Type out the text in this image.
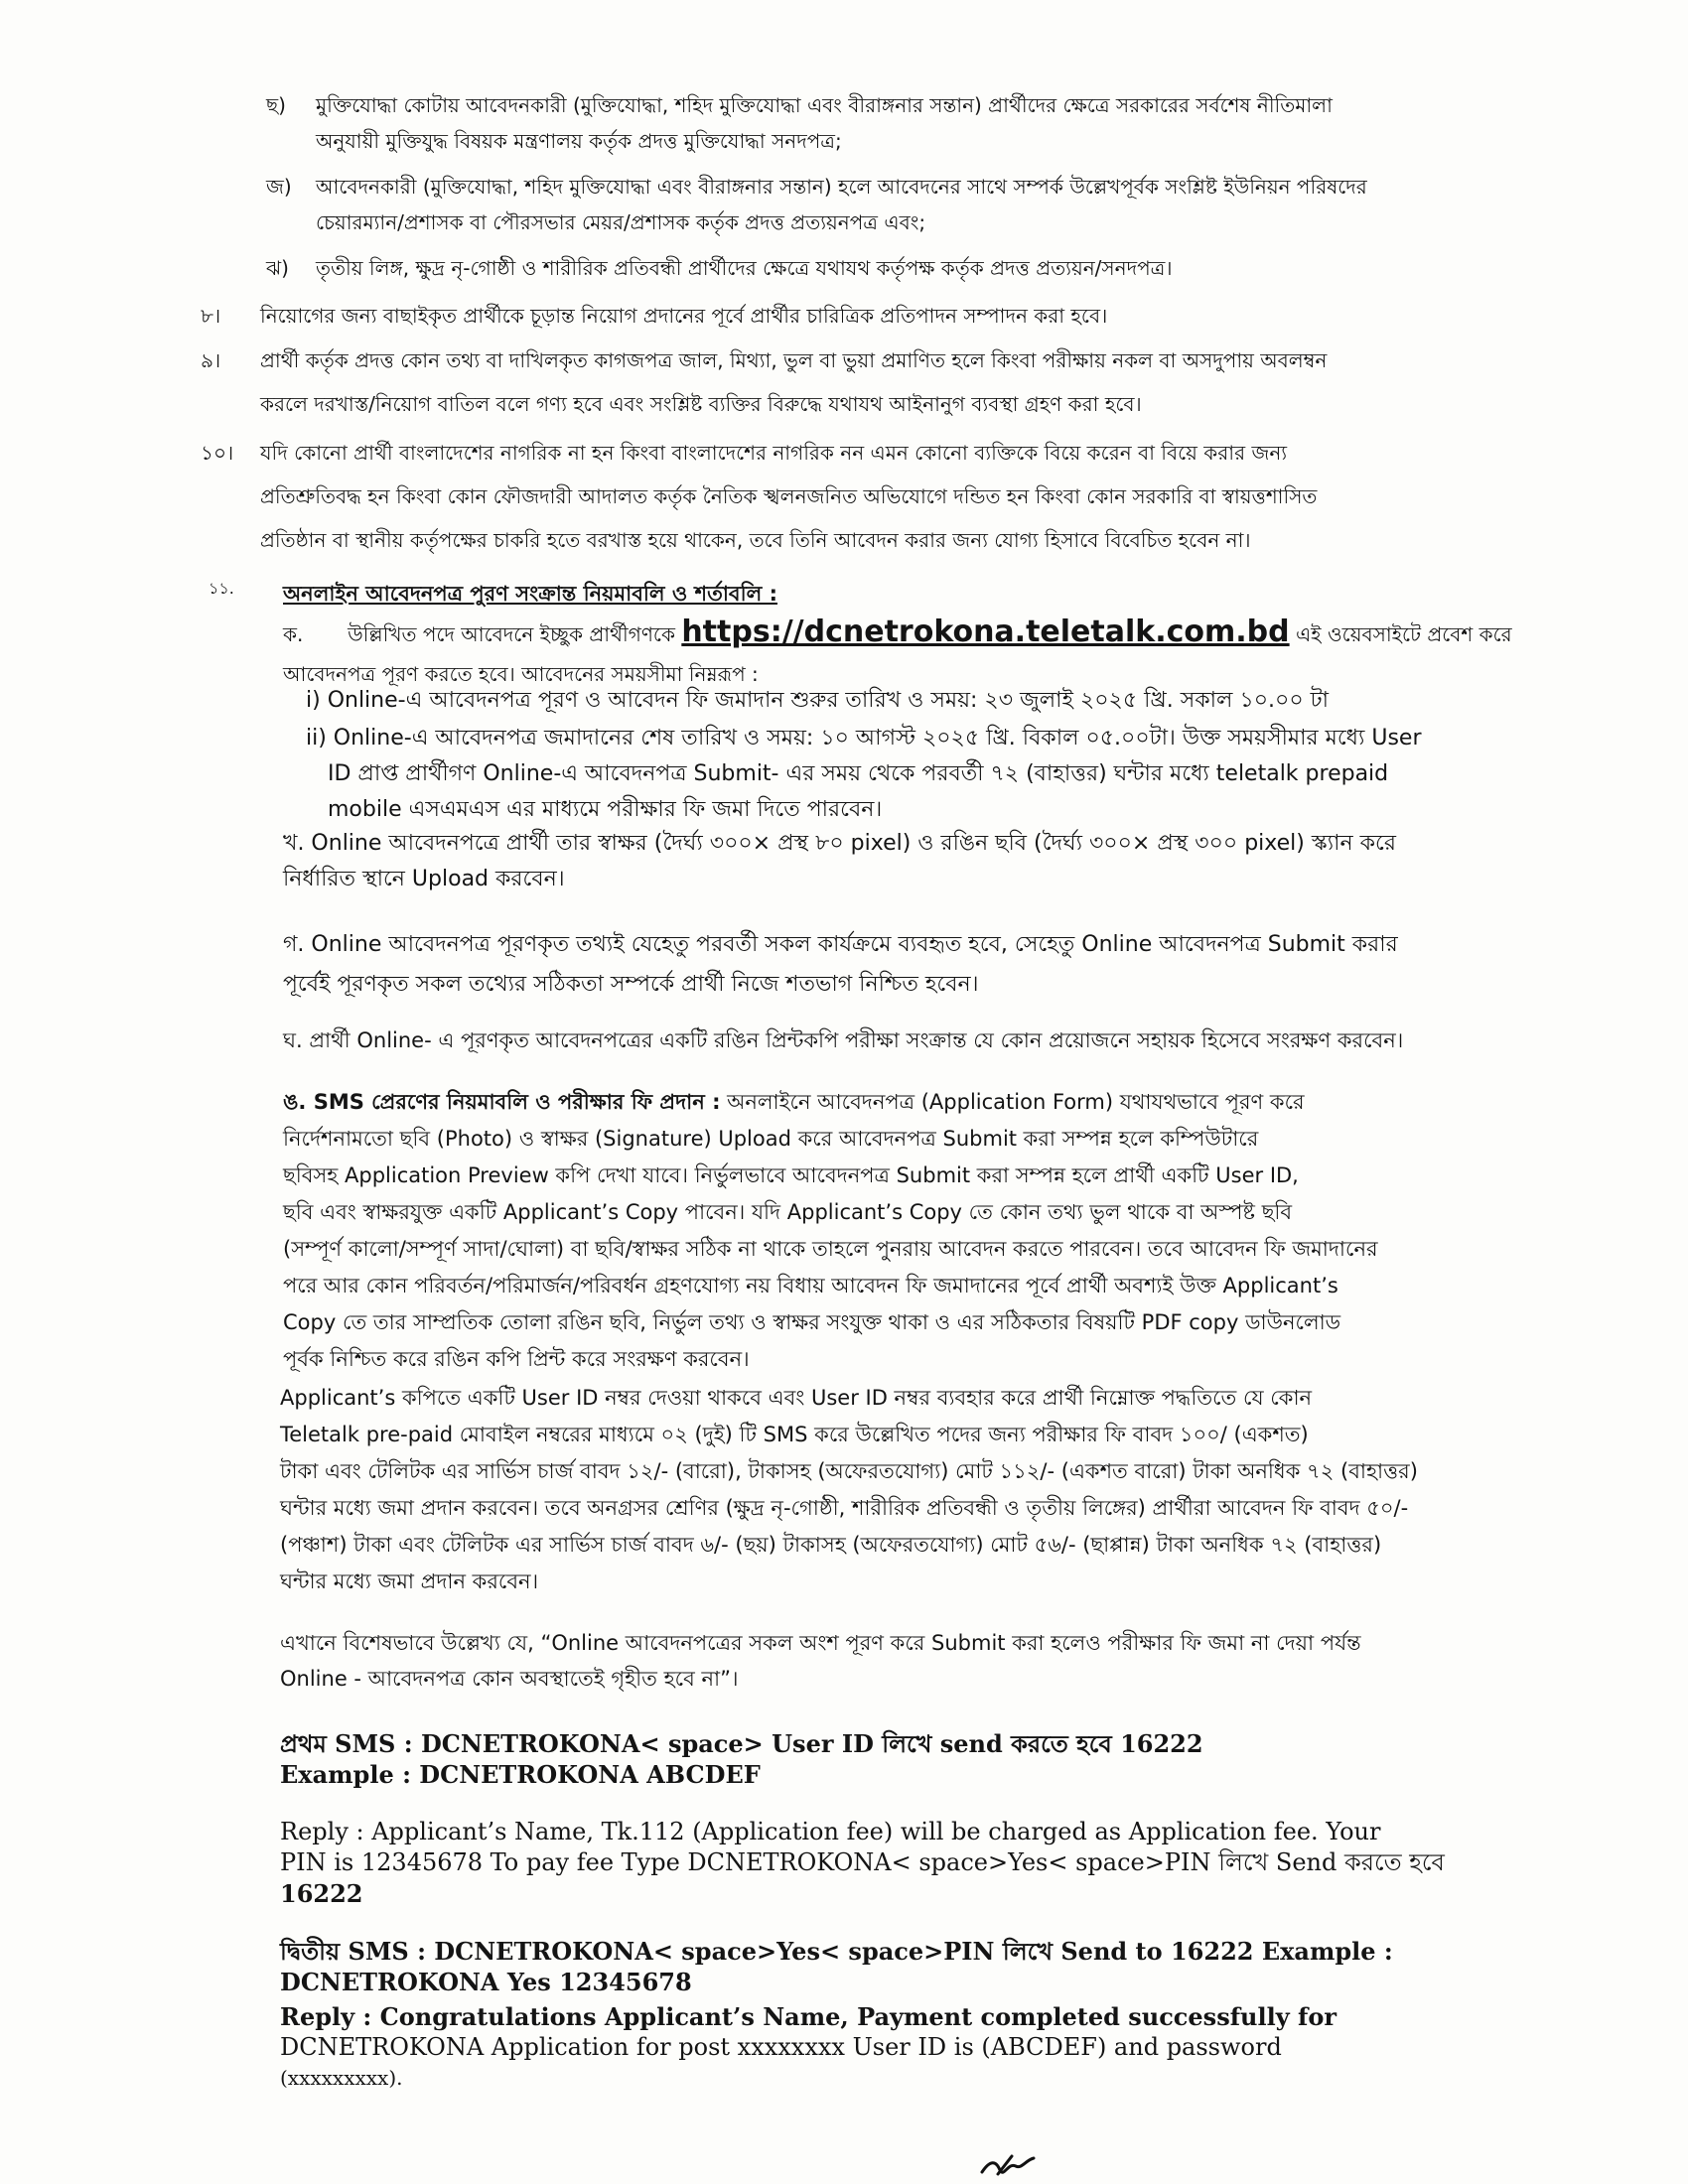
ছ) মুক্তিযোদ্ধা কোটায় আবেদনকারী (মুক্তিযোদ্ধা, শহিদ মুক্তিযোদ্ধা এবং বীরাঙ্গনার সন্তান) প্রার্থীদের ক্ষেত্রে সরকারের সর্বশেষ নীতিমালা
অনুযায়ী মুক্তিযুদ্ধ বিষয়ক মন্ত্রণালয় কর্তৃক প্রদত্ত মুক্তিযোদ্ধা সনদপত্র;
জ) আবেদনকারী (মুক্তিযোদ্ধা, শহিদ মুক্তিযোদ্ধা এবং বীরাঙ্গনার সন্তান) হলে আবেদনের সাথে সম্পর্ক উল্লেখপূর্বক সংশ্লিষ্ট ইউনিয়ন পরিষদের
চেয়ারম্যান/প্রশাসক বা পৌরসভার মেয়র/প্রশাসক কর্তৃক প্রদত্ত প্রত্যয়নপত্র এবং;
ঝ) তৃতীয় লিঙ্গ, ক্ষুদ্র নৃ-গোষ্ঠী ও শারীরিক প্রতিবন্ধী প্রার্থীদের ক্ষেত্রে যথাযথ কর্তৃপক্ষ কর্তৃক প্রদত্ত প্রত্যয়ন/সনদপত্র।
৮। নিয়োগের জন্য বাছাইকৃত প্রার্থীকে চূড়ান্ত নিয়োগ প্রদানের পূর্বে প্রার্থীর চারিত্রিক প্রতিপাদন সম্পাদন করা হবে।
৯। প্রার্থী কর্তৃক প্রদত্ত কোন তথ্য বা দাখিলকৃত কাগজপত্র জাল, মিথ্যা, ভুল বা ভুয়া প্রমাণিত হলে কিংবা পরীক্ষায় নকল বা অসদুপায় অবলম্বন
করলে দরখাস্ত/নিয়োগ বাতিল বলে গণ্য হবে এবং সংশ্লিষ্ট ব্যক্তির বিরুদ্ধে যথাযথ আইনানুগ ব্যবস্থা গ্রহণ করা হবে।
১০। যদি কোনো প্রার্থী বাংলাদেশের নাগরিক না হন কিংবা বাংলাদেশের নাগরিক নন এমন কোনো ব্যক্তিকে বিয়ে করেন বা বিয়ে করার জন্য
প্রতিশ্রুতিবদ্ধ হন কিংবা কোন ফৌজদারী আদালত কর্তৃক নৈতিক স্খলনজনিত অভিযোগে দন্ডিত হন কিংবা কোন সরকারি বা স্বায়ত্তশাসিত
প্রতিষ্ঠান বা স্থানীয় কর্তৃপক্ষের চাকরি হতে বরখাস্ত হয়ে থাকেন, তবে তিনি আবেদন করার জন্য যোগ্য হিসাবে বিবেচিত হবেন না।
১১. অনলাইন আবেদনপত্র পুরণ সংক্রান্ত নিয়মাবলি ও শর্তাবলি :
ক. উল্লিখিত পদে আবেদনে ইচ্ছুক প্রার্থীগণকে https://dcnetrokona.teletalk.com.bd এই ওয়েবসাইটে প্রবেশ করে
আবেদনপত্র পূরণ করতে হবে। আবেদনের সময়সীমা নিম্নরূপ :
i) Online-এ আবেদনপত্র পূরণ ও আবেদন ফি জমাদান শুরুর তারিখ ও সময়: ২৩ জুলাই ২০২৫ খ্রি. সকাল ১০.০০ টা
ii) Online-এ আবেদনপত্র জমাদানের শেষ তারিখ ও সময়: ১০ আগস্ট ২০২৫ খ্রি. বিকাল ০৫.০০টা। উক্ত সময়সীমার মধ্যে User
ID প্রাপ্ত প্রার্থীগণ Online-এ আবেদনপত্র Submit- এর সময় থেকে পরবর্তী ৭২ (বাহাত্তর) ঘন্টার মধ্যে teletalk prepaid
mobile এসএমএস এর মাধ্যমে পরীক্ষার ফি জমা দিতে পারবেন।
খ. Online আবেদনপত্রে প্রার্থী তার স্বাক্ষর (দৈর্ঘ্য ৩০০× প্রস্থ ৮০ pixel) ও রঙিন ছবি (দৈর্ঘ্য ৩০০× প্রস্থ ৩০০ pixel) স্ক্যান করে
নির্ধারিত স্থানে Upload করবেন।
গ. Online আবেদনপত্র পূরণকৃত তথ্যই যেহেতু পরবর্তী সকল কার্যক্রমে ব্যবহৃত হবে, সেহেতু Online আবেদনপত্র Submit করার
পূর্বেই পূরণকৃত সকল তথ্যের সঠিকতা সম্পর্কে প্রার্থী নিজে শতভাগ নিশ্চিত হবেন।
ঘ. প্রার্থী Online- এ পূরণকৃত আবেদনপত্রের একটি রঙিন প্রিন্টকপি পরীক্ষা সংক্রান্ত যে কোন প্রয়োজনে সহায়ক হিসেবে সংরক্ষণ করবেন।
ঙ. SMS প্রেরণের নিয়মাবলি ও পরীক্ষার ফি প্রদান : অনলাইনে আবেদনপত্র (Application Form) যথাযথভাবে পূরণ করে
নির্দেশনামতো ছবি (Photo) ও স্বাক্ষর (Signature) Upload করে আবেদনপত্র Submit করা সম্পন্ন হলে কম্পিউটারে
ছবিসহ Application Preview কপি দেখা যাবে। নির্ভুলভাবে আবেদনপত্র Submit করা সম্পন্ন হলে প্রার্থী একটি User ID,
ছবি এবং স্বাক্ষরযুক্ত একটি Applicant’s Copy পাবেন। যদি Applicant’s Copy তে কোন তথ্য ভুল থাকে বা অস্পষ্ট ছবি
(সম্পূর্ণ কালো/সম্পূর্ণ সাদা/ঘোলা) বা ছবি/স্বাক্ষর সঠিক না থাকে তাহলে পুনরায় আবেদন করতে পারবেন। তবে আবেদন ফি জমাদানের
পরে আর কোন পরিবর্তন/পরিমার্জন/পরিবর্ধন গ্রহণযোগ্য নয় বিধায় আবেদন ফি জমাদানের পূর্বে প্রার্থী অবশ্যই উক্ত Applicant’s
Copy তে তার সাম্প্রতিক তোলা রঙিন ছবি, নির্ভুল তথ্য ও স্বাক্ষর সংযুক্ত থাকা ও এর সঠিকতার বিষয়টি PDF copy ডাউনলোড
পূর্বক নিশ্চিত করে রঙিন কপি প্রিন্ট করে সংরক্ষণ করবেন।
Applicant’s কপিতে একটি User ID নম্বর দেওয়া থাকবে এবং User ID নম্বর ব্যবহার করে প্রার্থী নিম্নোক্ত পদ্ধতিতে যে কোন
Teletalk pre-paid মোবাইল নম্বরের মাধ্যমে ০২ (দুই) টি SMS করে উল্লেখিত পদের জন্য পরীক্ষার ফি বাবদ ১০০/ (একশত)
টাকা এবং টেলিটক এর সার্ভিস চার্জ বাবদ ১২/- (বারো), টাকাসহ (অফেরতযোগ্য) মোট ১১২/- (একশত বারো) টাকা অনধিক ৭২ (বাহাত্তর)
ঘন্টার মধ্যে জমা প্রদান করবেন। তবে অনগ্রসর শ্রেণির (ক্ষুদ্র নৃ-গোষ্ঠী, শারীরিক প্রতিবন্ধী ও তৃতীয় লিঙ্গের) প্রার্থীরা আবেদন ফি বাবদ ৫০/-
(পঞ্চাশ) টাকা এবং টেলিটক এর সার্ভিস চার্জ বাবদ ৬/- (ছয়) টাকাসহ (অফেরতযোগ্য) মোট ৫৬/- (ছাপ্পান্ন) টাকা অনধিক ৭২ (বাহাত্তর)
ঘন্টার মধ্যে জমা প্রদান করবেন।
এখানে বিশেষভাবে উল্লেখ্য যে, “Online আবেদনপত্রের সকল অংশ পূরণ করে Submit করা হলেও পরীক্ষার ফি জমা না দেয়া পর্যন্ত
Online - আবেদনপত্র কোন অবস্থাতেই গৃহীত হবে না”।

প্রথম SMS : DCNETROKONA< space> User ID লিখে send করতে হবে 16222

Example : DCNETROKONA ABCDEF

Reply : Applicant’s Name, Tk.112 (Application fee) will be charged as Application fee. Your

PIN is 12345678 To pay fee Type DCNETROKONA< space>Yes< space>PIN লিখে Send করতে হবে

16222

দ্বিতীয় SMS : DCNETROKONA< space>Yes< space>PIN লিখে Send to 16222 Example :

DCNETROKONA Yes 12345678

Reply : Congratulations Applicant’s Name, Payment completed successfully for

DCNETROKONA Application for post xxxxxxxx User ID is (ABCDEF) and password

(xxxxxxxxx).
